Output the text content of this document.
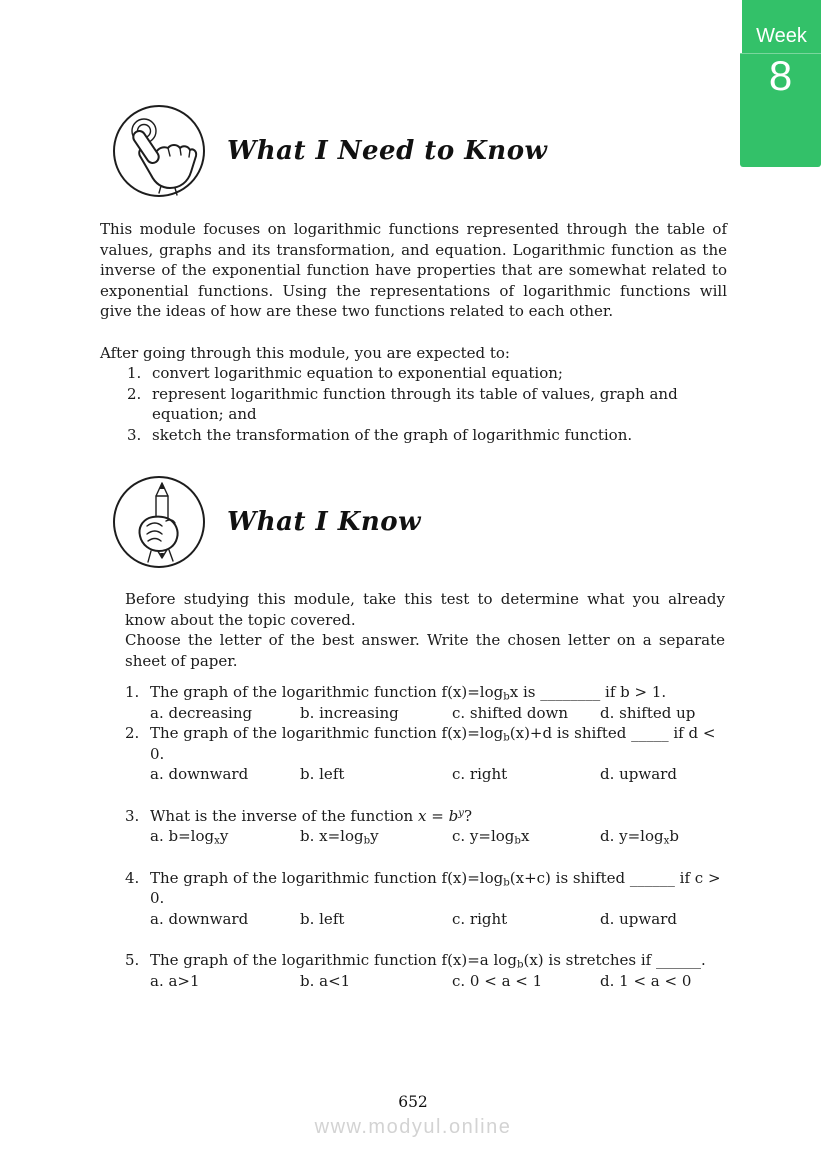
Week
8
What I Need to Know
This module focuses on logarithmic functions represented through the table of values, graphs and its transformation, and equation. Logarithmic function as the inverse of the exponential function have properties that are somewhat related to exponential functions. Using the representations of logarithmic functions will give the ideas of how are these two functions related to each other.
After going through this module, you are expected to:
1. convert logarithmic equation to exponential equation;
2. represent logarithmic function through its table of values, graph and equation; and
3. sketch the transformation of the graph of logarithmic function.
What I Know
Before studying this module, take this test to determine what you already know about the topic covered.
Choose the letter of the best answer. Write the chosen letter on a separate sheet of paper.
1. The graph of the logarithmic function $f(x)=\log_bx$ is ________ if b > 1.
a. decreasing	b. increasing	c. shifted down	d. shifted up
2. The graph of the logarithmic function $f(x)=\log_b(x)+d$ is shifted _____ if d < 0.
a. downward	b. left	c. right	d. upward
3. What is the inverse of the function $x = b^y$?
a. $b=\log_xy$	b. $x=\log_by$	c. $y=\log_bx$	d. $y=\log_xb$
4. The graph of the logarithmic function $f(x)=\log_b(x+c)$ is shifted ______ if c > 0.
a. downward	b. left	c. right	d. upward
5. The graph of the logarithmic function f(x)=a $\log_b(x)$ is stretches if ______.
a. a>1	b. a<1	c. 0 < a < 1	d. 1 < a < 0
652
www.modyul.online
